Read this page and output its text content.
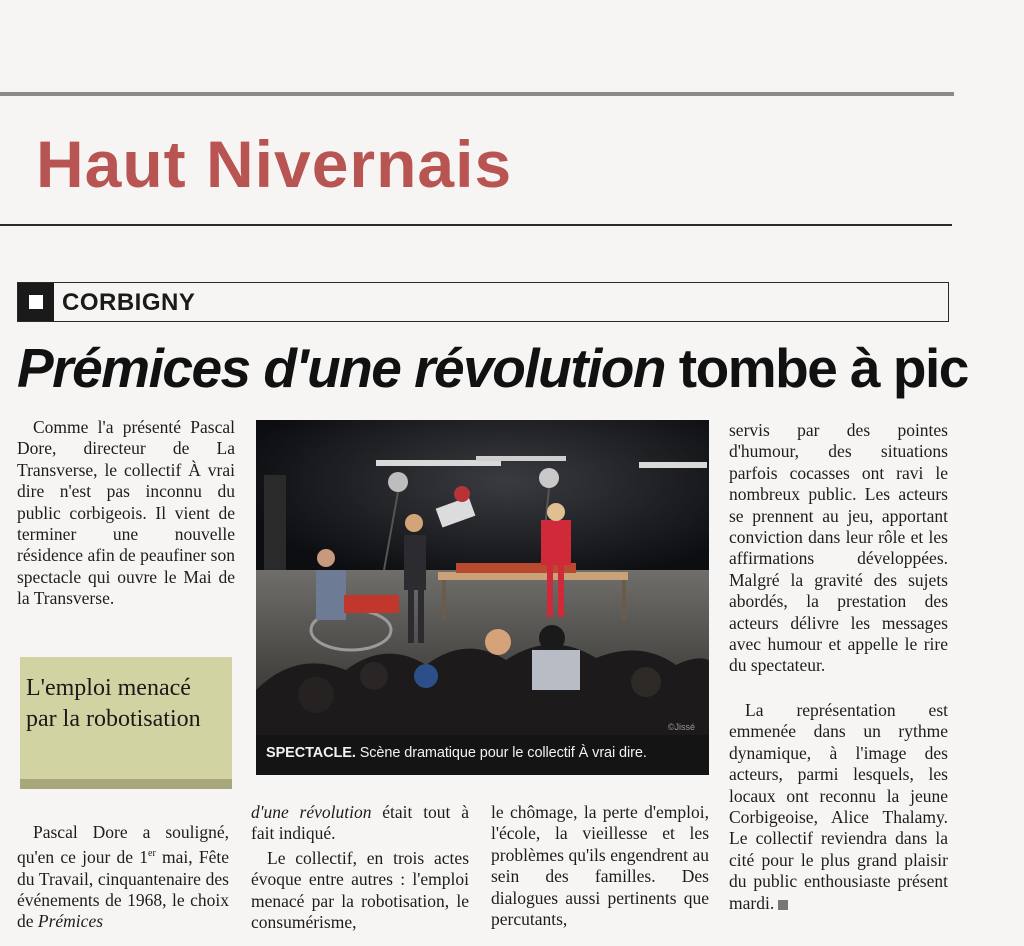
Haut Nivernais
CORBIGNY
Prémices d'une révolution tombe à pic

Comme l'a présenté Pascal Dore, directeur de La Transverse, le collectif À vrai dire n'est pas inconnu du public corbigeois. Il vient de terminer une nouvelle résidence afin de peaufiner son spectacle qui ouvre le Mai de la Transverse.

L'emploi menacé par la robotisation

Pascal Dore a souligné, qu'en ce jour de 1er mai, Fête du Travail, cinquantenaire des événements de 1968, le choix de Prémices

©Jissé
SPECTACLE. Scène dramatique pour le collectif À vrai dire.

d'une révolution était tout à fait indiqué.

Le collectif, en trois actes évoque entre autres : l'emploi menacé par la robotisation, le consumérisme,

le chômage, la perte d'emploi, l'école, la vieillesse et les problèmes qu'ils engendrent au sein des familles. Des dialogues aussi pertinents que percutants,

servis par des pointes d'humour, des situations parfois cocasses ont ravi le nombreux public. Les acteurs se prennent au jeu, apportant conviction dans leur rôle et les affirmations développées. Malgré la gravité des sujets abordés, la prestation des acteurs délivre les messages avec humour et appelle le rire du spectateur.

La représentation est emmenée dans un rythme dynamique, à l'image des acteurs, parmi lesquels, les locaux ont reconnu la jeune Corbigeoise, Alice Thalamy. Le collectif reviendra dans la cité pour le plus grand plaisir du public enthousiaste présent mardi.
